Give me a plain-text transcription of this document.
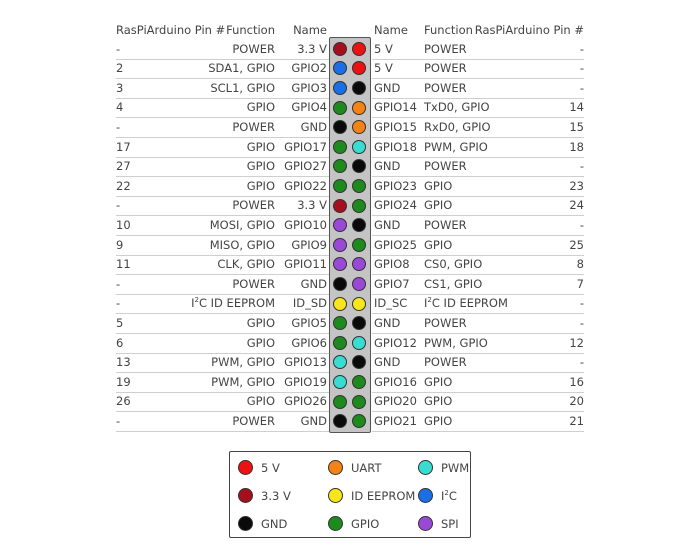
RasPiArduino Pin # Function Name	Name Function RasPiArduino Pin #
-	POWER 3.3 V	5 V	POWER	-
2	SDA1, GPIO GPIO2	5 V	POWER	-
3	SCL1, GPIO GPIO3	GND POWER	-
4	GPIO GPIO4	GPIO14 TxD0, GPIO	14
-	POWER GND	GPIO15 RxD0, GPIO	15
17	GPIO GPIO17	GPIO18 PWM, GPIO	18
27	GPIO GPIO27	GND POWER	-
22	GPIO GPIO22	GPIO23 GPIO	23
-	POWER 3.3 V	GPIO24 GPIO	24
10	MOSI, GPIO GPIO10	GND POWER	-
9	MISO, GPIO GPIO9	GPIO25 GPIO	25
11	CLK, GPIO GPIO11	GPIO8 CS0, GPIO	8
-	POWER GND	GPIO7 CS1, GPIO	7
-	$I^2C$ ID EEPROM ID_SD	ID_SC $I^2C$ ID EEPROM	-
5	GPIO GPIO5	GND POWER	-
6	GPIO GPIO6	GPIO12 PWM, GPIO	12
13	PWM, GPIO GPIO13	GND POWER	-
19	PWM, GPIO GPIO19	GPIO16 GPIO	16
26	GPIO GPIO26	GPIO20 GPIO	20
-	POWER GND	GPIO21 GPIO	21
5 V	UART	PWM
3.3 V	ID EEPROM $I^2C$
GND	GPIO	SPI
